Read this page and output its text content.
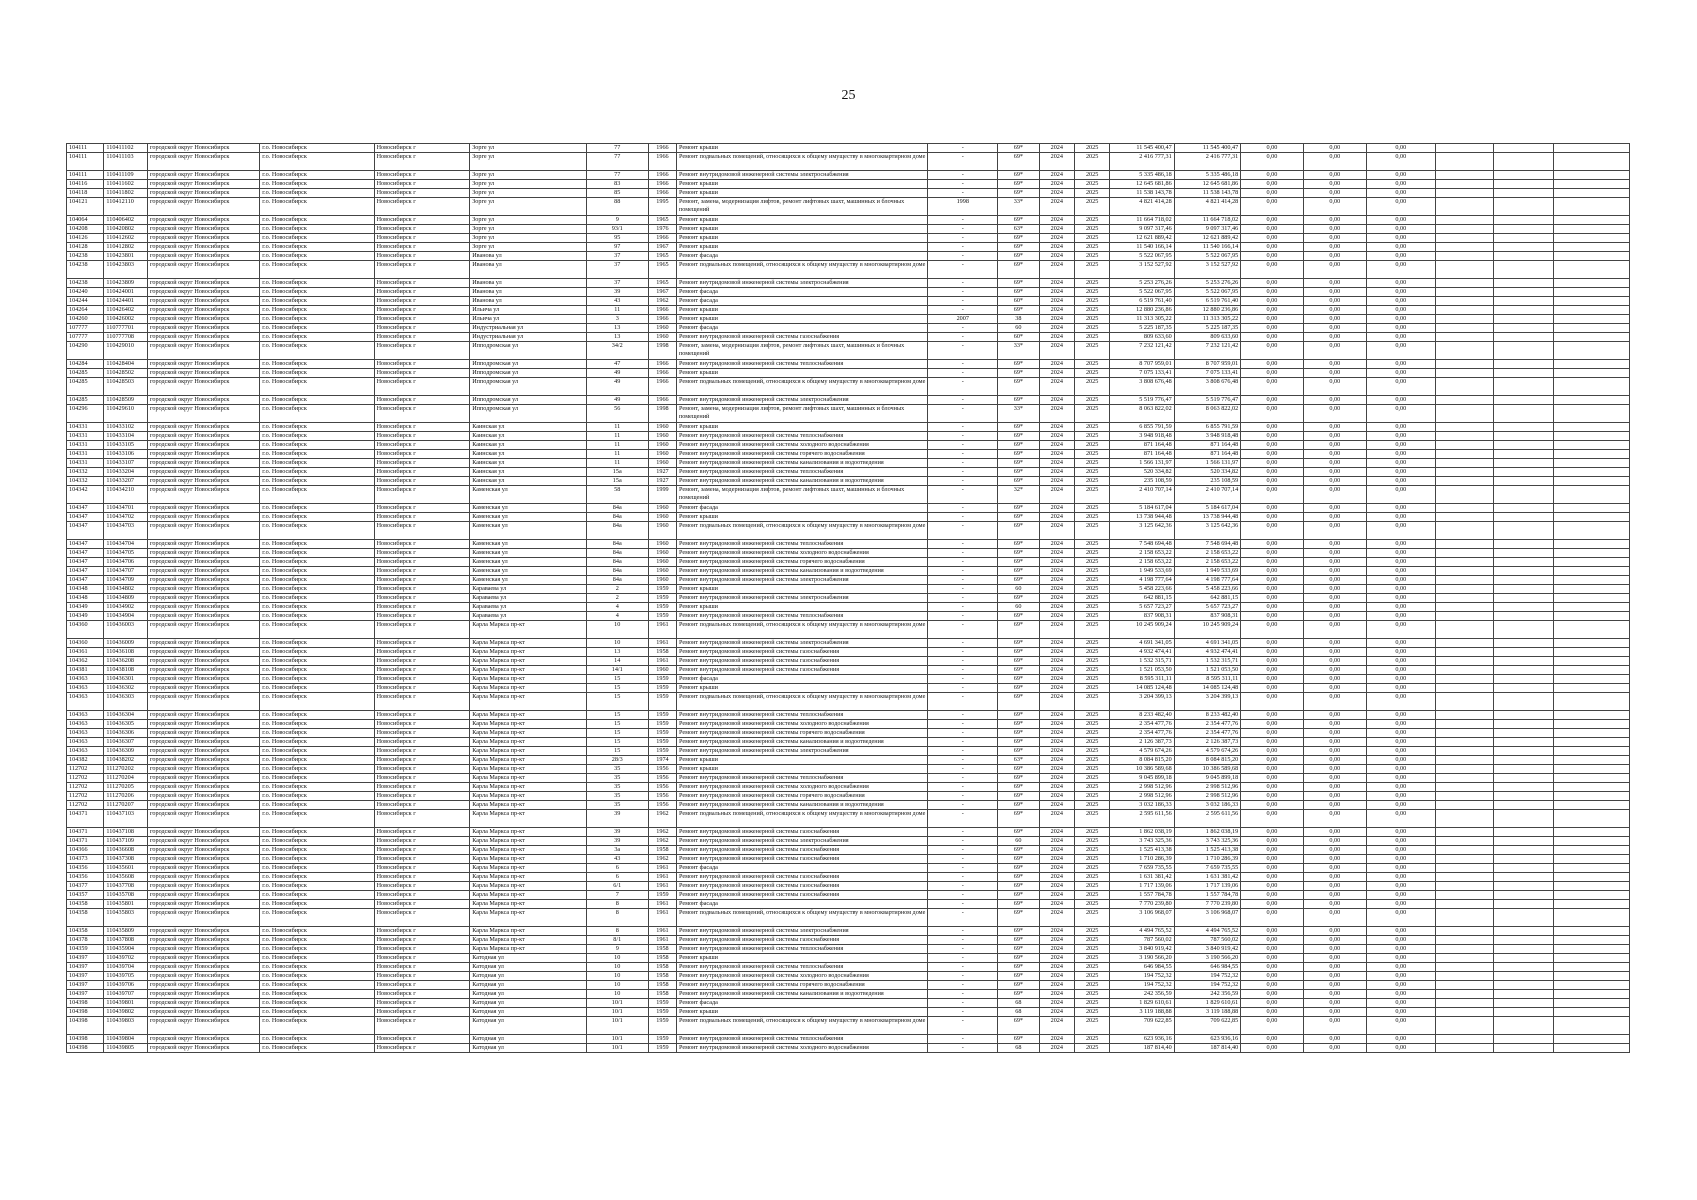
25
104111	110411102	городской округ Новосибирск	г.о. Новосибирск	Новосибирск г	Зорге ул	77	1966	Ремонт крыши	-	69*	2024	2025	11 545 400,47	11 545 400,47	0,00	0,00	0,00			
104111	110411103	городской округ Новосибирск	г.о. Новосибирск	Новосибирск г	Зорге ул	77	1966	Ремонт подвальных помещений, относящихся к общему имуществу в многоквартирном доме	-	69*	2024	2025	2 416 777,31	2 416 777,31	0,00	0,00	0,00			
104111	110411109	городской округ Новосибирск	г.о. Новосибирск	Новосибирск г	Зорге ул	77	1966	Ремонт внутридомовой инженерной системы электроснабжения	-	69*	2024	2025	5 335 486,18	5 335 486,18	0,00	0,00	0,00			
104116	110411602	городской округ Новосибирск	г.о. Новосибирск	Новосибирск г	Зорге ул	83	1966	Ремонт крыши	-	69*	2024	2025	12 645 681,86	12 645 681,86	0,00	0,00	0,00			
104118	110411802	городской округ Новосибирск	г.о. Новосибирск	Новосибирск г	Зорге ул	85	1966	Ремонт крыши	-	69*	2024	2025	11 538 143,78	11 538 143,78	0,00	0,00	0,00			
104121	110412110	городской округ Новосибирск	г.о. Новосибирск	Новосибирск г	Зорге ул	88	1995	Ремонт, замена, модернизация лифтов, ремонт лифтовых шахт, машинных и блочных помещений	1998	33*	2024	2025	4 821 414,28	4 821 414,28	0,00	0,00	0,00			
104064	110406402	городской округ Новосибирск	г.о. Новосибирск	Новосибирск г	Зорге ул	9	1965	Ремонт крыши	-	69*	2024	2025	11 664 718,02	11 664 718,02	0,00	0,00	0,00			
104208	110420802	городской округ Новосибирск	г.о. Новосибирск	Новосибирск г	Зорге ул	93/1	1976	Ремонт крыши	-	63*	2024	2025	9 097 317,46	9 097 317,46	0,00	0,00	0,00			
104126	110412602	городской округ Новосибирск	г.о. Новосибирск	Новосибирск г	Зорге ул	95	1966	Ремонт крыши	-	69*	2024	2025	12 621 889,42	12 621 889,42	0,00	0,00	0,00			
104128	110412802	городской округ Новосибирск	г.о. Новосибирск	Новосибирск г	Зорге ул	97	1967	Ремонт крыши	-	69*	2024	2025	11 540 166,14	11 540 166,14	0,00	0,00	0,00			
104238	110423801	городской округ Новосибирск	г.о. Новосибирск	Новосибирск г	Иванова ул	37	1965	Ремонт фасада	-	69*	2024	2025	5 522 067,95	5 522 067,95	0,00	0,00	0,00			
104238	110423803	городской округ Новосибирск	г.о. Новосибирск	Новосибирск г	Иванова ул	37	1965	Ремонт подвальных помещений, относящихся к общему имуществу в многоквартирном доме	-	69*	2024	2025	3 152 527,92	3 152 527,92	0,00	0,00	0,00			
104238	110423809	городской округ Новосибирск	г.о. Новосибирск	Новосибирск г	Иванова ул	37	1965	Ремонт внутридомовой инженерной системы электроснабжения	-	69*	2024	2025	5 253 276,26	5 253 276,26	0,00	0,00	0,00			
104240	110424001	городской округ Новосибирск	г.о. Новосибирск	Новосибирск г	Иванова ул	39	1967	Ремонт фасада	-	69*	2024	2025	5 522 067,95	5 522 067,95	0,00	0,00	0,00			
104244	110424401	городской округ Новосибирск	г.о. Новосибирск	Новосибирск г	Иванова ул	43	1962	Ремонт фасада	-	60*	2024	2025	6 519 761,40	6 519 761,40	0,00	0,00	0,00			
104264	110426402	городской округ Новосибирск	г.о. Новосибирск	Новосибирск г	Ильича ул	11	1966	Ремонт крыши	-	69*	2024	2025	12 880 236,86	12 880 236,86	0,00	0,00	0,00			
104260	110426002	городской округ Новосибирск	г.о. Новосибирск	Новосибирск г	Ильича ул	3	1966	Ремонт крыши	2007	38	2024	2025	11 313 305,22	11 313 305,22	0,00	0,00	0,00			
107777	110777701	городской округ Новосибирск	г.о. Новосибирск	Новосибирск г	Индустриальная ул	13	1960	Ремонт фасада	-	60	2024	2025	5 225 187,35	5 225 187,35	0,00	0,00	0,00			
107777	110777708	городской округ Новосибирск	г.о. Новосибирск	Новосибирск г	Индустриальная ул	13	1960	Ремонт внутридомовой инженерной системы газоснабжения	-	60*	2024	2025	809 633,60	809 633,60	0,00	0,00	0,00			
104290	110429010	городской округ Новосибирск	г.о. Новосибирск	Новосибирск г	Ипподромская ул	34/2	1998	Ремонт, замена, модернизация лифтов, ремонт лифтовых шахт, машинных и блочных помещений	-	33*	2024	2025	7 232 121,42	7 232 121,42	0,00	0,00	0,00			
104284	110428404	городской округ Новосибирск	г.о. Новосибирск	Новосибирск г	Ипподромская ул	47	1966	Ремонт внутридомовой инженерной системы теплоснабжения	-	69*	2024	2025	8 707 959,01	8 707 959,01	0,00	0,00	0,00			
104285	110428502	городской округ Новосибирск	г.о. Новосибирск	Новосибирск г	Ипподромская ул	49	1966	Ремонт крыши	-	69*	2024	2025	7 075 133,41	7 075 133,41	0,00	0,00	0,00			
104285	110428503	городской округ Новосибирск	г.о. Новосибирск	Новосибирск г	Ипподромская ул	49	1966	Ремонт подвальных помещений, относящихся к общему имуществу в многоквартирном доме	-	69*	2024	2025	3 808 676,48	3 808 676,48	0,00	0,00	0,00			
104285	110428509	городской округ Новосибирск	г.о. Новосибирск	Новосибирск г	Ипподромская ул	49	1966	Ремонт внутридомовой инженерной системы электроснабжения	-	69*	2024	2025	5 519 776,47	5 519 776,47	0,00	0,00	0,00			
104296	110429610	городской округ Новосибирск	г.о. Новосибирск	Новосибирск г	Ипподромская ул	56	1998	Ремонт, замена, модернизация лифтов, ремонт лифтовых шахт, машинных и блочных помещений	-	33*	2024	2025	8 063 822,02	8 063 822,02	0,00	0,00	0,00			
104331	110433102	городской округ Новосибирск	г.о. Новосибирск	Новосибирск г	Каинская ул	11	1960	Ремонт крыши	-	69*	2024	2025	6 855 791,59	6 855 791,59	0,00	0,00	0,00			
104331	110433104	городской округ Новосибирск	г.о. Новосибирск	Новосибирск г	Каинская ул	11	1960	Ремонт внутридомовой инженерной системы теплоснабжения	-	69*	2024	2025	3 948 918,48	3 948 918,48	0,00	0,00	0,00			
104331	110433105	городской округ Новосибирск	г.о. Новосибирск	Новосибирск г	Каинская ул	11	1960	Ремонт внутридомовой инженерной системы холодного водоснабжения	-	69*	2024	2025	871 164,48	871 164,48	0,00	0,00	0,00			
104331	110433106	городской округ Новосибирск	г.о. Новосибирск	Новосибирск г	Каинская ул	11	1960	Ремонт внутридомовой инженерной системы горячего водоснабжения	-	69*	2024	2025	871 164,48	871 164,48	0,00	0,00	0,00			
104331	110433107	городской округ Новосибирск	г.о. Новосибирск	Новосибирск г	Каинская ул	11	1960	Ремонт внутридомовой инженерной системы канализования и водоотведения	-	69*	2024	2025	1 566 131,97	1 566 131,97	0,00	0,00	0,00			
104332	110433204	городской округ Новосибирск	г.о. Новосибирск	Новосибирск г	Каинская ул	15а	1927	Ремонт внутридомовой инженерной системы теплоснабжения	-	69*	2024	2025	520 334,82	520 334,82	0,00	0,00	0,00			
104332	110433207	городской округ Новосибирск	г.о. Новосибирск	Новосибирск г	Каинская ул	15а	1927	Ремонт внутридомовой инженерной системы канализования и водоотведения	-	69*	2024	2025	235 108,59	235 108,59	0,00	0,00	0,00			
104342	110434210	городской округ Новосибирск	г.о. Новосибирск	Новосибирск г	Каменская ул	58	1999	Ремонт, замена, модернизация лифтов, ремонт лифтовых шахт, машинных и блочных помещений	-	32*	2024	2025	2 410 707,14	2 410 707,14	0,00	0,00	0,00			
104347	110434701	городской округ Новосибирск	г.о. Новосибирск	Новосибирск г	Каменская ул	84а	1960	Ремонт фасада	-	69*	2024	2025	5 184 617,04	5 184 617,04	0,00	0,00	0,00			
104347	110434702	городской округ Новосибирск	г.о. Новосибирск	Новосибирск г	Каменская ул	84а	1960	Ремонт крыши	-	69*	2024	2025	13 738 944,48	13 738 944,48	0,00	0,00	0,00			
104347	110434703	городской округ Новосибирск	г.о. Новосибирск	Новосибирск г	Каменская ул	84а	1960	Ремонт подвальных помещений, относящихся к общему имуществу в многоквартирном доме	-	69*	2024	2025	3 125 642,36	3 125 642,36	0,00	0,00	0,00			
104347	110434704	городской округ Новосибирск	г.о. Новосибирск	Новосибирск г	Каменская ул	84а	1960	Ремонт внутридомовой инженерной системы теплоснабжения	-	69*	2024	2025	7 548 694,48	7 548 694,48	0,00	0,00	0,00			
104347	110434705	городской округ Новосибирск	г.о. Новосибирск	Новосибирск г	Каменская ул	84а	1960	Ремонт внутридомовой инженерной системы холодного водоснабжения	-	69*	2024	2025	2 158 653,22	2 158 653,22	0,00	0,00	0,00			
104347	110434706	городской округ Новосибирск	г.о. Новосибирск	Новосибирск г	Каменская ул	84а	1960	Ремонт внутридомовой инженерной системы горячего водоснабжения	-	69*	2024	2025	2 158 653,22	2 158 653,22	0,00	0,00	0,00			
104347	110434707	городской округ Новосибирск	г.о. Новосибирск	Новосибирск г	Каменская ул	84а	1960	Ремонт внутридомовой инженерной системы канализования и водоотведения	-	69*	2024	2025	1 949 533,69	1 949 533,69	0,00	0,00	0,00			
104347	110434709	городской округ Новосибирск	г.о. Новосибирск	Новосибирск г	Каменская ул	84а	1960	Ремонт внутридомовой инженерной системы электроснабжения	-	69*	2024	2025	4 198 777,64	4 198 777,64	0,00	0,00	0,00			
104348	110434802	городской округ Новосибирск	г.о. Новосибирск	Новосибирск г	Караваева ул	2	1959	Ремонт крыши	-	60	2024	2025	5 458 223,66	5 458 223,66	0,00	0,00	0,00			
104348	110434809	городской округ Новосибирск	г.о. Новосибирск	Новосибирск г	Караваева ул	2	1959	Ремонт внутридомовой инженерной системы электроснабжения	-	69*	2024	2025	642 881,15	642 881,15	0,00	0,00	0,00			
104349	110434902	городской округ Новосибирск	г.о. Новосибирск	Новосибирск г	Караваева ул	4	1959	Ремонт крыши	-	60	2024	2025	5 657 723,27	5 657 723,27	0,00	0,00	0,00			
104349	110434904	городской округ Новосибирск	г.о. Новосибирск	Новосибирск г	Караваева ул	4	1959	Ремонт внутридомовой инженерной системы теплоснабжения	-	69*	2024	2025	837 908,31	837 908,31	0,00	0,00	0,00			
104360	110436003	городской округ Новосибирск	г.о. Новосибирск	Новосибирск г	Карла Маркса пр-кт	10	1961	Ремонт подвальных помещений, относящихся к общему имуществу в многоквартирном доме	-	69*	2024	2025	10 245 909,24	10 245 909,24	0,00	0,00	0,00			
104360	110436009	городской округ Новосибирск	г.о. Новосибирск	Новосибирск г	Карла Маркса пр-кт	10	1961	Ремонт внутридомовой инженерной системы электроснабжения	-	69*	2024	2025	4 691 341,05	4 691 341,05	0,00	0,00	0,00			
104361	110436108	городской округ Новосибирск	г.о. Новосибирск	Новосибирск г	Карла Маркса пр-кт	13	1958	Ремонт внутридомовой инженерной системы газоснабжения	-	69*	2024	2025	4 932 474,41	4 932 474,41	0,00	0,00	0,00			
104362	110436208	городской округ Новосибирск	г.о. Новосибирск	Новосибирск г	Карла Маркса пр-кт	14	1961	Ремонт внутридомовой инженерной системы газоснабжения	-	69*	2024	2025	1 532 315,71	1 532 315,71	0,00	0,00	0,00			
104381	110438108	городской округ Новосибирск	г.о. Новосибирск	Новосибирск г	Карла Маркса пр-кт	14/1	1960	Ремонт внутридомовой инженерной системы газоснабжения	-	69*	2024	2025	1 521 053,50	1 521 053,50	0,00	0,00	0,00			
104363	110436301	городской округ Новосибирск	г.о. Новосибирск	Новосибирск г	Карла Маркса пр-кт	15	1959	Ремонт фасада	-	69*	2024	2025	8 595 311,11	8 595 311,11	0,00	0,00	0,00			
104363	110436302	городской округ Новосибирск	г.о. Новосибирск	Новосибирск г	Карла Маркса пр-кт	15	1959	Ремонт крыши	-	69*	2024	2025	14 085 124,48	14 085 124,48	0,00	0,00	0,00			
104363	110436303	городской округ Новосибирск	г.о. Новосибирск	Новосибирск г	Карла Маркса пр-кт	15	1959	Ремонт подвальных помещений, относящихся к общему имуществу в многоквартирном доме	-	69*	2024	2025	3 204 399,13	3 204 399,13	0,00	0,00	0,00			
104363	110436304	городской округ Новосибирск	г.о. Новосибирск	Новосибирск г	Карла Маркса пр-кт	15	1959	Ремонт внутридомовой инженерной системы теплоснабжения	-	69*	2024	2025	8 233 482,40	8 233 482,40	0,00	0,00	0,00			
104363	110436305	городской округ Новосибирск	г.о. Новосибирск	Новосибирск г	Карла Маркса пр-кт	15	1959	Ремонт внутридомовой инженерной системы холодного водоснабжения	-	69*	2024	2025	2 354 477,76	2 354 477,76	0,00	0,00	0,00			
104363	110436306	городской округ Новосибирск	г.о. Новосибирск	Новосибирск г	Карла Маркса пр-кт	15	1959	Ремонт внутридомовой инженерной системы горячего водоснабжения	-	69*	2024	2025	2 354 477,76	2 354 477,76	0,00	0,00	0,00			
104363	110436307	городской округ Новосибирск	г.о. Новосибирск	Новосибирск г	Карла Маркса пр-кт	15	1959	Ремонт внутридомовой инженерной системы канализования и водоотведения	-	69*	2024	2025	2 126 387,73	2 126 387,73	0,00	0,00	0,00			
104363	110436309	городской округ Новосибирск	г.о. Новосибирск	Новосибирск г	Карла Маркса пр-кт	15	1959	Ремонт внутридомовой инженерной системы электроснабжения	-	69*	2024	2025	4 579 674,26	4 579 674,26	0,00	0,00	0,00			
104382	110438202	городской округ Новосибирск	г.о. Новосибирск	Новосибирск г	Карла Маркса пр-кт	28/3	1974	Ремонт крыши	-	63*	2024	2025	8 084 815,20	8 084 815,20	0,00	0,00	0,00			
112702	111270202	городской округ Новосибирск	г.о. Новосибирск	Новосибирск г	Карла Маркса пр-кт	35	1956	Ремонт крыши	-	69*	2024	2025	10 386 589,68	10 386 589,68	0,00	0,00	0,00			
112702	111270204	городской округ Новосибирск	г.о. Новосибирск	Новосибирск г	Карла Маркса пр-кт	35	1956	Ремонт внутридомовой инженерной системы теплоснабжения	-	69*	2024	2025	9 045 899,18	9 045 899,18	0,00	0,00	0,00			
112702	111270205	городской округ Новосибирск	г.о. Новосибирск	Новосибирск г	Карла Маркса пр-кт	35	1956	Ремонт внутридомовой инженерной системы холодного водоснабжения	-	69*	2024	2025	2 998 512,96	2 998 512,96	0,00	0,00	0,00			
112702	111270206	городской округ Новосибирск	г.о. Новосибирск	Новосибирск г	Карла Маркса пр-кт	35	1956	Ремонт внутридомовой инженерной системы горячего водоснабжения	-	69*	2024	2025	2 998 512,96	2 998 512,96	0,00	0,00	0,00			
112702	111270207	городской округ Новосибирск	г.о. Новосибирск	Новосибирск г	Карла Маркса пр-кт	35	1956	Ремонт внутридомовой инженерной системы канализования и водоотведения	-	69*	2024	2025	3 032 186,33	3 032 186,33	0,00	0,00	0,00			
104371	110437103	городской округ Новосибирск	г.о. Новосибирск	Новосибирск г	Карла Маркса пр-кт	39	1962	Ремонт подвальных помещений, относящихся к общему имуществу в многоквартирном доме	-	69*	2024	2025	2 595 611,56	2 595 611,56	0,00	0,00	0,00			
104371	110437108	городской округ Новосибирск	г.о. Новосибирск	Новосибирск г	Карла Маркса пр-кт	39	1962	Ремонт внутридомовой инженерной системы газоснабжения	-	69*	2024	2025	1 862 038,19	1 862 038,19	0,00	0,00	0,00			
104371	110437109	городской округ Новосибирск	г.о. Новосибирск	Новосибирск г	Карла Маркса пр-кт	39	1962	Ремонт внутридомовой инженерной системы электроснабжения	-	60	2024	2025	3 743 325,36	3 743 325,36	0,00	0,00	0,00			
104366	110436608	городской округ Новосибирск	г.о. Новосибирск	Новосибирск г	Карла Маркса пр-кт	3а	1958	Ремонт внутридомовой инженерной системы газоснабжения	-	69*	2024	2025	1 525 413,38	1 525 413,38	0,00	0,00	0,00			
104373	110437308	городской округ Новосибирск	г.о. Новосибирск	Новосибирск г	Карла Маркса пр-кт	43	1962	Ремонт внутридомовой инженерной системы газоснабжения	-	69*	2024	2025	1 710 286,39	1 710 286,39	0,00	0,00	0,00			
104356	110435601	городской округ Новосибирск	г.о. Новосибирск	Новосибирск г	Карла Маркса пр-кт	6	1961	Ремонт фасада	-	69*	2024	2025	7 659 735,55	7 659 735,55	0,00	0,00	0,00			
104356	110435608	городской округ Новосибирск	г.о. Новосибирск	Новосибирск г	Карла Маркса пр-кт	6	1961	Ремонт внутридомовой инженерной системы газоснабжения	-	69*	2024	2025	1 631 381,42	1 631 381,42	0,00	0,00	0,00			
104377	110437708	городской округ Новосибирск	г.о. Новосибирск	Новосибирск г	Карла Маркса пр-кт	6/1	1961	Ремонт внутридомовой инженерной системы газоснабжения	-	69*	2024	2025	1 717 139,06	1 717 139,06	0,00	0,00	0,00			
104357	110435708	городской округ Новосибирск	г.о. Новосибирск	Новосибирск г	Карла Маркса пр-кт	7	1959	Ремонт внутридомовой инженерной системы газоснабжения	-	69*	2024	2025	1 557 784,78	1 557 784,78	0,00	0,00	0,00			
104358	110435801	городской округ Новосибирск	г.о. Новосибирск	Новосибирск г	Карла Маркса пр-кт	8	1961	Ремонт фасада	-	69*	2024	2025	7 770 239,80	7 770 239,80	0,00	0,00	0,00			
104358	110435803	городской округ Новосибирск	г.о. Новосибирск	Новосибирск г	Карла Маркса пр-кт	8	1961	Ремонт подвальных помещений, относящихся к общему имуществу в многоквартирном доме	-	69*	2024	2025	3 106 968,07	3 106 968,07	0,00	0,00	0,00			
104358	110435809	городской округ Новосибирск	г.о. Новосибирск	Новосибирск г	Карла Маркса пр-кт	8	1961	Ремонт внутридомовой инженерной системы электроснабжения	-	69*	2024	2025	4 494 765,52	4 494 765,52	0,00	0,00	0,00			
104378	110437808	городской округ Новосибирск	г.о. Новосибирск	Новосибирск г	Карла Маркса пр-кт	8/1	1961	Ремонт внутридомовой инженерной системы газоснабжения	-	69*	2024	2025	787 560,02	787 560,02	0,00	0,00	0,00			
104359	110435904	городской округ Новосибирск	г.о. Новосибирск	Новосибирск г	Карла Маркса пр-кт	9	1958	Ремонт внутридомовой инженерной системы теплоснабжения	-	69*	2024	2025	3 840 919,42	3 840 919,42	0,00	0,00	0,00			
104397	110439702	городской округ Новосибирск	г.о. Новосибирск	Новосибирск г	Катодная ул	10	1958	Ремонт крыши	-	69*	2024	2025	3 190 566,20	3 190 566,20	0,00	0,00	0,00			
104397	110439704	городской округ Новосибирск	г.о. Новосибирск	Новосибирск г	Катодная ул	10	1958	Ремонт внутридомовой инженерной системы теплоснабжения	-	69*	2024	2025	646 984,55	646 984,55	0,00	0,00	0,00			
104397	110439705	городской округ Новосибирск	г.о. Новосибирск	Новосибирск г	Катодная ул	10	1958	Ремонт внутридомовой инженерной системы холодного водоснабжения	-	69*	2024	2025	194 752,32	194 752,32	0,00	0,00	0,00			
104397	110439706	городской округ Новосибирск	г.о. Новосибирск	Новосибирск г	Катодная ул	10	1958	Ремонт внутридомовой инженерной системы горячего водоснабжения	-	69*	2024	2025	194 752,32	194 752,32	0,00	0,00	0,00			
104397	110439707	городской округ Новосибирск	г.о. Новосибирск	Новосибирск г	Катодная ул	10	1958	Ремонт внутридомовой инженерной системы канализования и водоотведения	-	69*	2024	2025	242 356,59	242 356,59	0,00	0,00	0,00			
104398	110439801	городской округ Новосибирск	г.о. Новосибирск	Новосибирск г	Катодная ул	10/1	1959	Ремонт фасада	-	68	2024	2025	1 829 610,61	1 829 610,61	0,00	0,00	0,00			
104398	110439802	городской округ Новосибирск	г.о. Новосибирск	Новосибирск г	Катодная ул	10/1	1959	Ремонт крыши	-	68	2024	2025	3 119 188,88	3 119 188,88	0,00	0,00	0,00			
104398	110439803	городской округ Новосибирск	г.о. Новосибирск	Новосибирск г	Катодная ул	10/1	1959	Ремонт подвальных помещений, относящихся к общему имуществу в многоквартирном доме	-	69*	2024	2025	709 622,85	709 622,85	0,00	0,00	0,00			
104398	110439804	городской округ Новосибирск	г.о. Новосибирск	Новосибирск г	Катодная ул	10/1	1959	Ремонт внутридомовой инженерной системы теплоснабжения	-	69*	2024	2025	623 936,16	623 936,16	0,00	0,00	0,00			
104398	110439805	городской округ Новосибирск	г.о. Новосибирск	Новосибирск г	Катодная ул	10/1	1959	Ремонт внутридомовой инженерной системы холодного водоснабжения	-	68	2024	2025	187 814,40	187 814,40	0,00	0,00	0,00			
